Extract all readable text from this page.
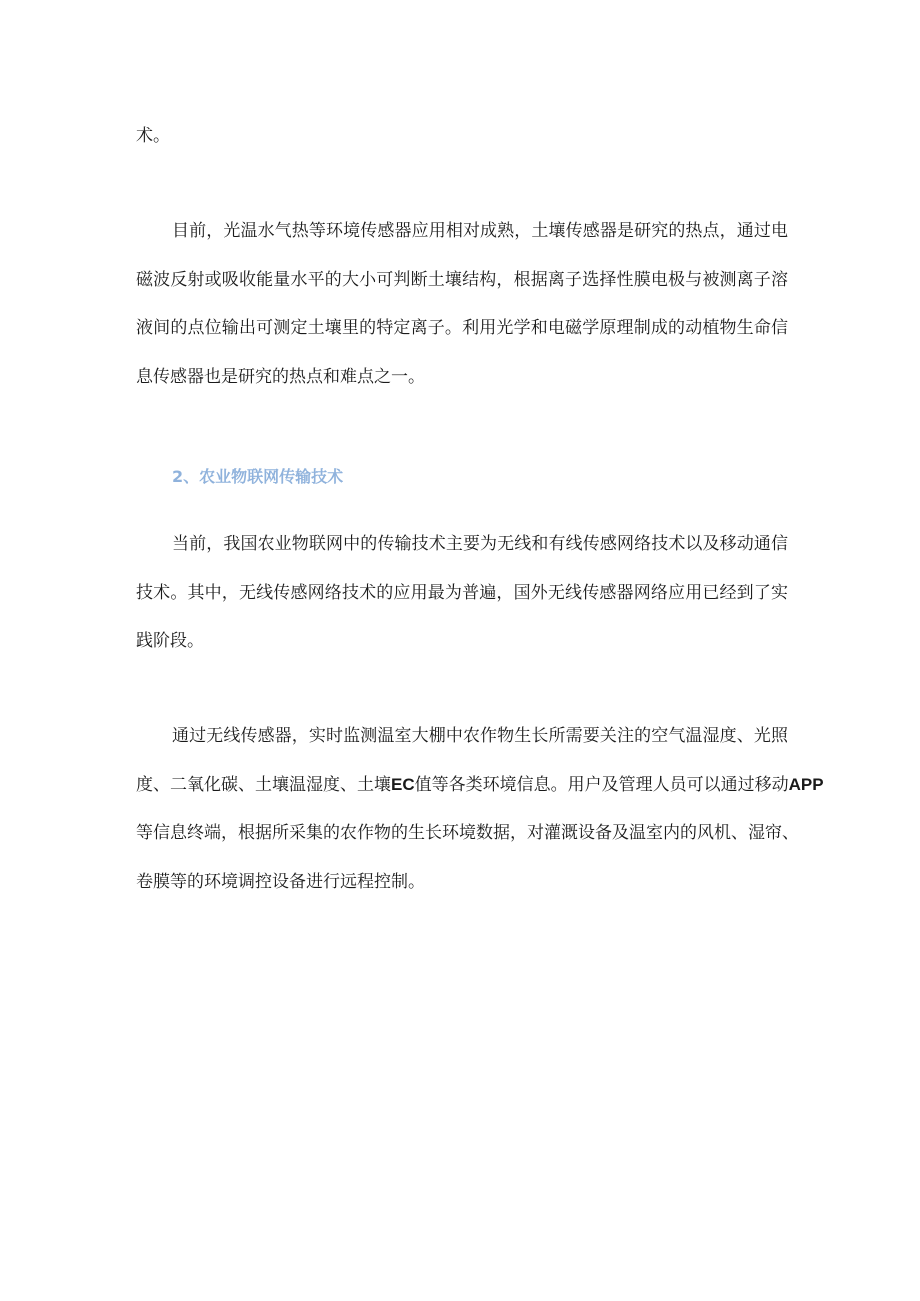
术。

目前，光温水气热等环境传感器应用相对成熟，土壤传感器是研究的热点，通过电
磁波反射或吸收能量水平的大小可判断土壤结构，根据离子选择性膜电极与被测离子溶
液间的点位输出可测定土壤里的特定离子。利用光学和电磁学原理制成的动植物生命信
息传感器也是研究的热点和难点之一。

2、农业物联网传输技术

当前，我国农业物联网中的传输技术主要为无线和有线传感网络技术以及移动通信
技术。其中，无线传感网络技术的应用最为普遍，国外无线传感器网络应用已经到了实
践阶段。

通过无线传感器，实时监测温室大棚中农作物生长所需要关注的空气温湿度、光照
度、二氧化碳、土壤温湿度、土壤EC值等各类环境信息。用户及管理人员可以通过移动APP
等信息终端，根据所采集的农作物的生长环境数据，对灌溉设备及温室内的风机、湿帘、
卷膜等的环境调控设备进行远程控制。
